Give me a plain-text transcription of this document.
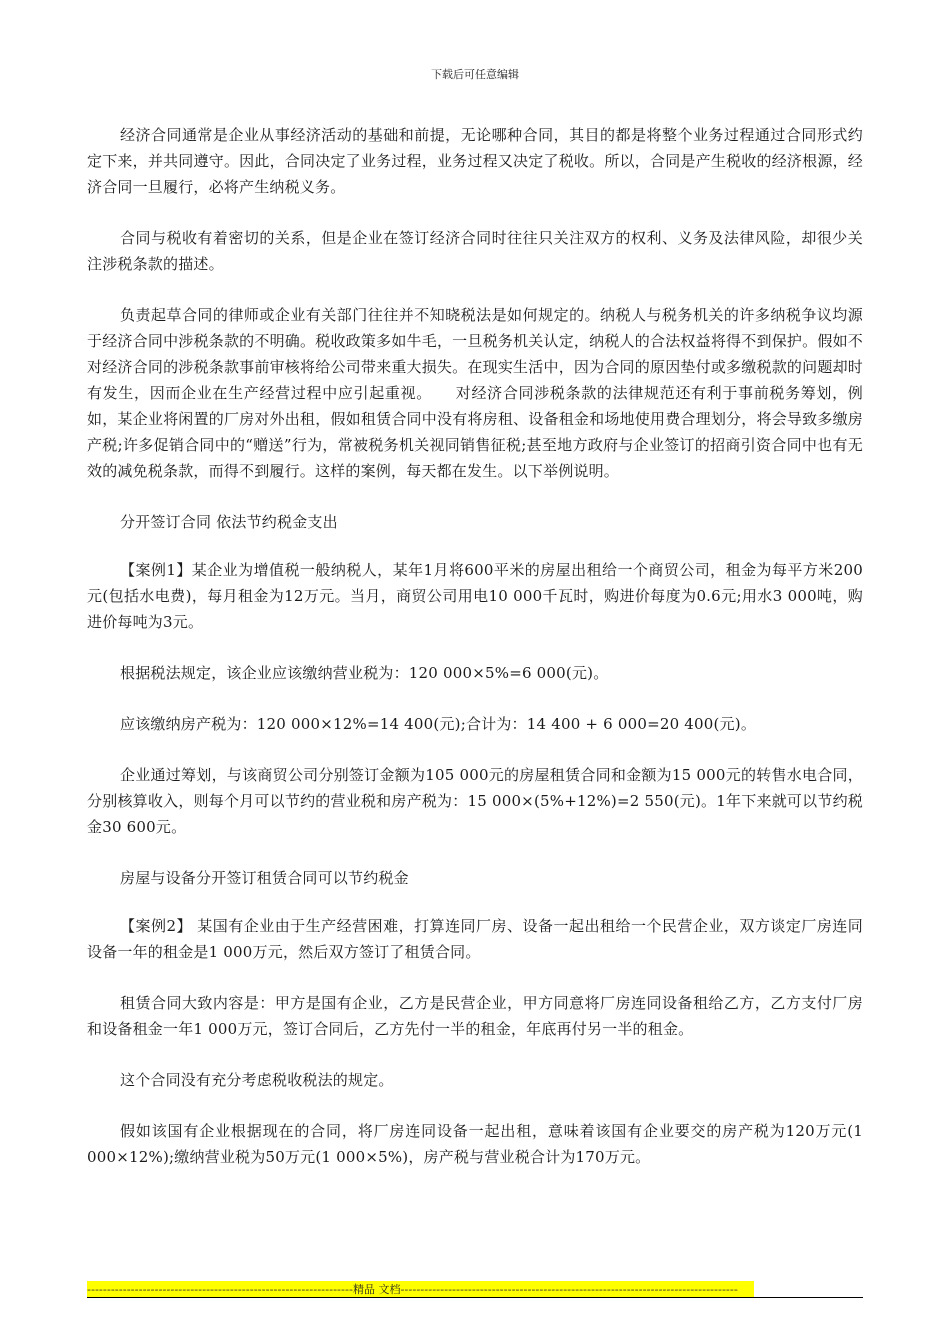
下载后可任意编辑

经济合同通常是企业从事经济活动的基础和前提，无论哪种合同，其目的都是将整个业务过程通过合同形式约定下来，并共同遵守。因此，合同决定了业务过程，业务过程又决定了税收。所以，合同是产生税收的经济根源，经济合同一旦履行，必将产生纳税义务。

合同与税收有着密切的关系，但是企业在签订经济合同时往往只关注双方的权利、义务及法律风险，却很少关注涉税条款的描述。

负责起草合同的律师或企业有关部门往往并不知晓税法是如何规定的。纳税人与税务机关的许多纳税争议均源于经济合同中涉税条款的不明确。税收政策多如牛毛，一旦税务机关认定，纳税人的合法权益将得不到保护。假如不对经济合同的涉税条款事前审核将给公司带来重大损失。在现实生活中，因为合同的原因垫付或多缴税款的问题却时有发生，因而企业在生产经营过程中应引起重视。　　对经济合同涉税条款的法律规范还有利于事前税务筹划，例如，某企业将闲置的厂房对外出租，假如租赁合同中没有将房租、设备租金和场地使用费合理划分，将会导致多缴房产税;许多促销合同中的“赠送”行为，常被税务机关视同销售征税;甚至地方政府与企业签订的招商引资合同中也有无效的减免税条款，而得不到履行。这样的案例，每天都在发生。以下举例说明。

分开签订合同 依法节约税金支出

【案例1】某企业为增值税一般纳税人，某年1月将600平米的房屋出租给一个商贸公司，租金为每平方米200元(包括水电费)，每月租金为12万元。当月，商贸公司用电10 000千瓦时，购进价每度为0.6元;用水3 000吨，购进价每吨为3元。

根据税法规定，该企业应该缴纳营业税为：120 000×5%=6 000(元)。

应该缴纳房产税为：120 000×12%=14 400(元);合计为：14 400 + 6 000=20 400(元)。

企业通过筹划，与该商贸公司分别签订金额为105 000元的房屋租赁合同和金额为15 000元的转售水电合同，分别核算收入，则每个月可以节约的营业税和房产税为：15 000×(5%+12%)=2 550(元)。1年下来就可以节约税金30 600元。

房屋与设备分开签订租赁合同可以节约税金

【案例2】 某国有企业由于生产经营困难，打算连同厂房、设备一起出租给一个民营企业，双方谈定厂房连同设备一年的租金是1 000万元，然后双方签订了租赁合同。

租赁合同大致内容是：甲方是国有企业，乙方是民营企业，甲方同意将厂房连同设备租给乙方，乙方支付厂房和设备租金一年1 000万元，签订合同后，乙方先付一半的租金，年底再付另一半的租金。

这个合同没有充分考虑税收税法的规定。

假如该国有企业根据现在的合同，将厂房连同设备一起出租，意味着该国有企业要交的房产税为120万元(1 000×12%);缴纳营业税为50万元(1 000×5%)，房产税与营业税合计为170万元。

-------------------------------------------------------------------精品 文档-------------------------------------------------------------------------------------
